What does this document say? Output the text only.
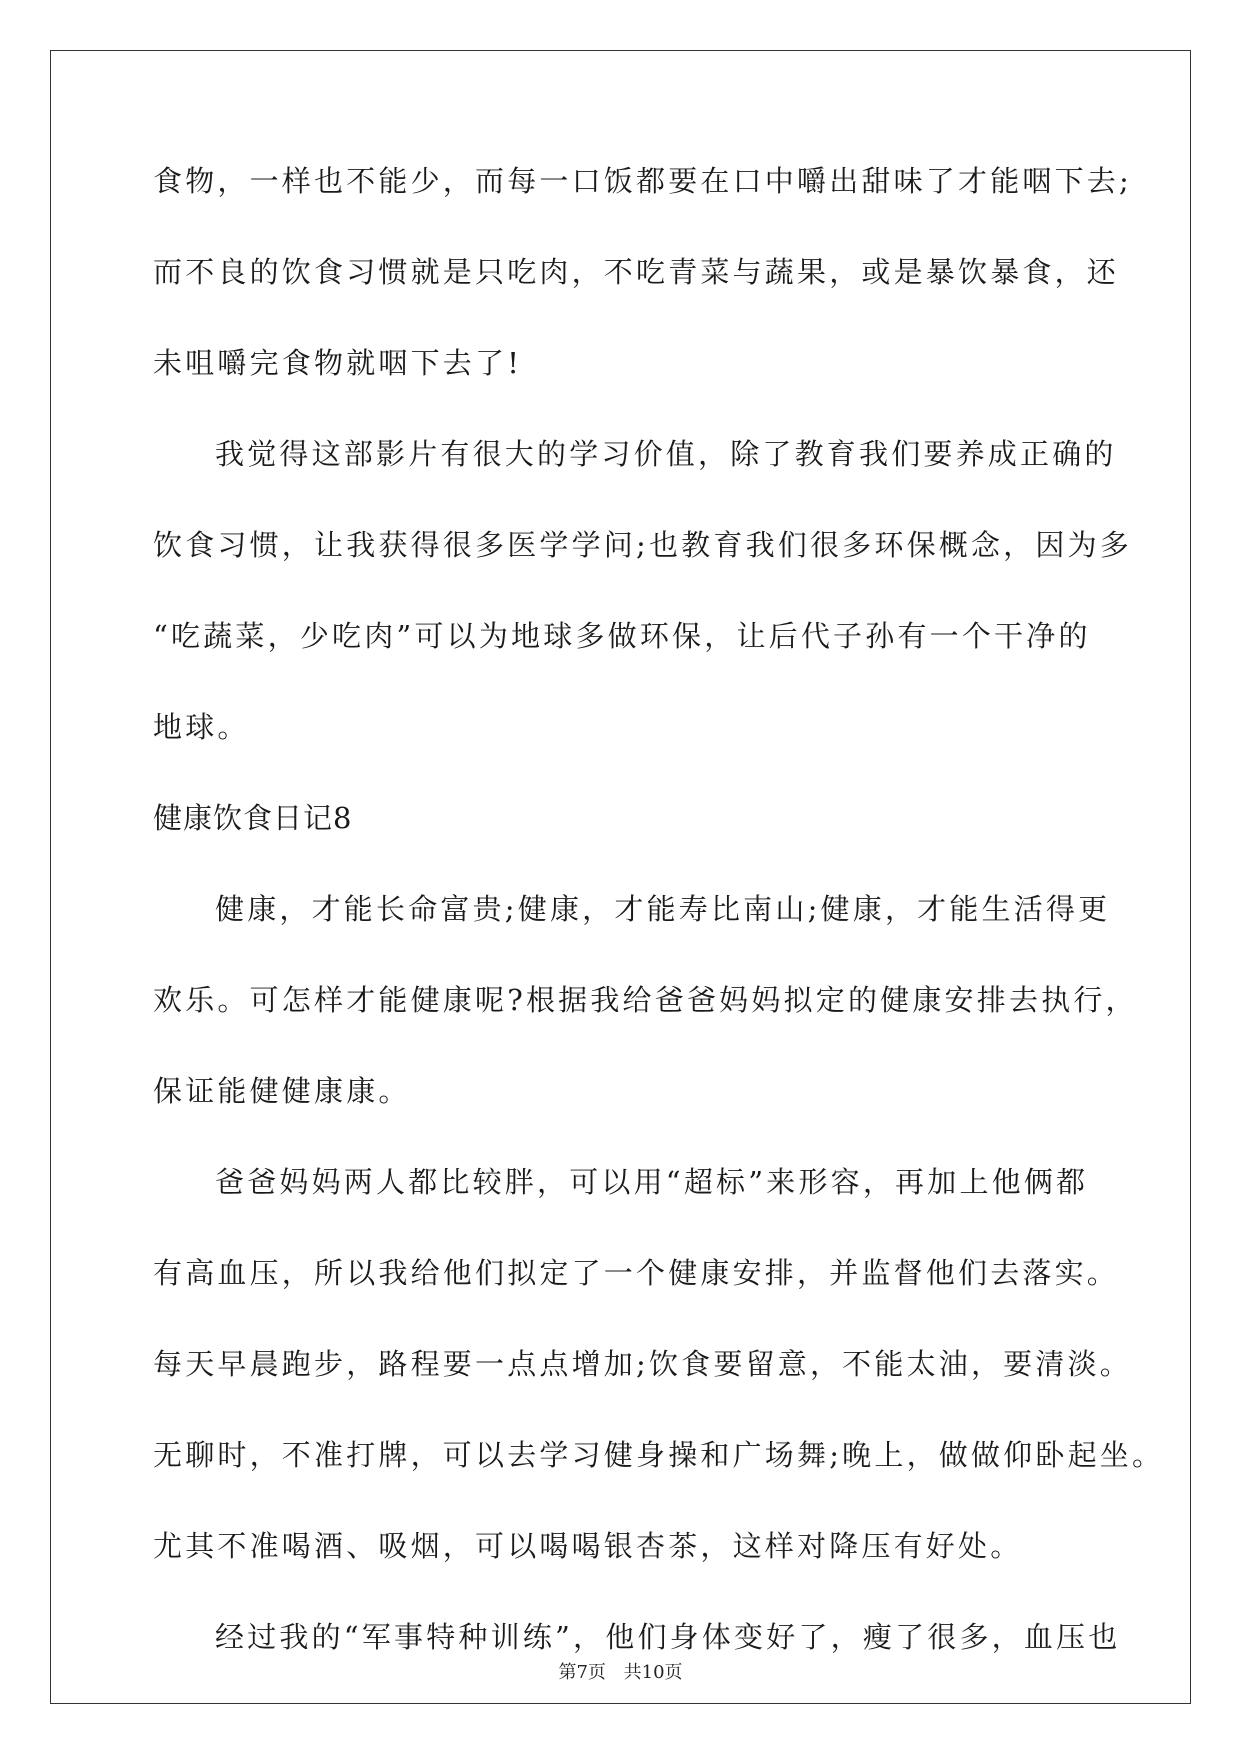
食物，一样也不能少，而每一口饭都要在口中嚼出甜味了才能咽下去;
而不良的饮食习惯就是只吃肉，不吃青菜与蔬果，或是暴饮暴食，还
未咀嚼完食物就咽下去了!
我觉得这部影片有很大的学习价值，除了教育我们要养成正确的
饮食习惯，让我获得很多医学学问;也教育我们很多环保概念，因为多
“吃蔬菜，少吃肉”可以为地球多做环保，让后代子孙有一个干净的
地球。
健康饮食日记8
健康，才能长命富贵;健康，才能寿比南山;健康，才能生活得更
欢乐。可怎样才能健康呢?根据我给爸爸妈妈拟定的健康安排去执行，
保证能健健康康。
爸爸妈妈两人都比较胖，可以用“超标”来形容，再加上他俩都
有高血压，所以我给他们拟定了一个健康安排，并监督他们去落实。
每天早晨跑步，路程要一点点增加;饮食要留意，不能太油，要清淡。
无聊时，不准打牌，可以去学习健身操和广场舞;晚上，做做仰卧起坐。
尤其不准喝酒、吸烟，可以喝喝银杏茶，这样对降压有好处。
经过我的“军事特种训练”，他们身体变好了，瘦了很多，血压也
第7页 共10页
